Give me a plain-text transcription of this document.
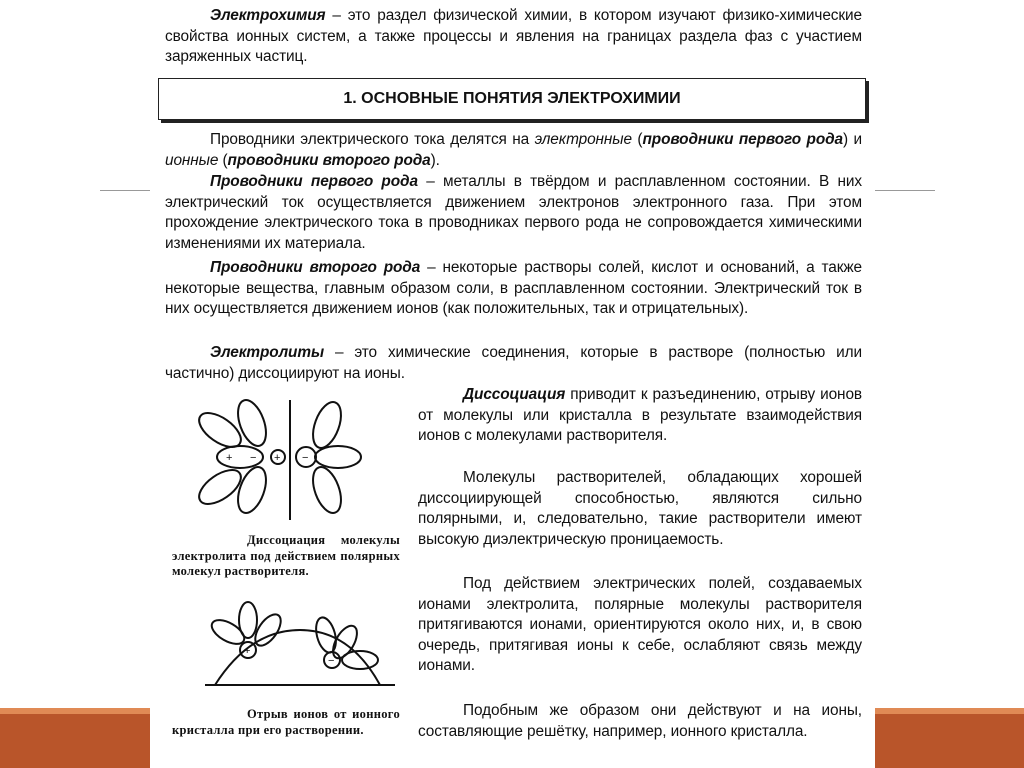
Электрохимия – это раздел физической химии, в котором изучают физико-химические свойства ионных систем, а также процессы и явления на границах раздела фаз с участием заряженных частиц.
1. ОСНОВНЫЕ ПОНЯТИЯ ЭЛЕКТРОХИМИИ
Проводники электрического тока делятся на электронные (проводники первого рода) и ионные (проводники второго рода).
Проводники первого рода – металлы в твёрдом и расплавленном состоянии. В них электрический ток осуществляется движением электронов электронного газа. При этом прохождение электрического тока в проводниках первого рода не сопровождается химическими изменениями их материала.
Проводники второго рода – некоторые растворы солей, кислот и оснований, а также некоторые вещества, главным образом соли, в расплавленном состоянии. Электрический ток в них осуществляется движением ионов (как положительных, так и отрицательных).
Электролиты – это химические соединения, которые в растворе (полностью или частично) диссоциируют на ионы.
Диссоциация приводит к разъединению, отрыву ионов от молекулы или кристалла в результате взаимодействия ионов с молекулами растворителя.
Молекулы растворителей, обладающих хорошей диссоциирующей способностью, являются сильно полярными, и, следовательно, такие растворители имеют высокую диэлектрическую проницаемость.
Под действием электрических полей, создаваемых ионами электролита, полярные молекулы растворителя притягиваются ионами, ориентируются около них, и, в свою очередь, притягивая ионы к себе, ослабляют связь между ионами.
Подобным же образом они действуют и на ионы, составляющие решётку, например, ионного кристалла.
+
+ −	−
Диссоциация молекулы электролита под действием полярных молекул растворителя.
+
−
Отрыв ионов от ионного кристалла при его растворении.
